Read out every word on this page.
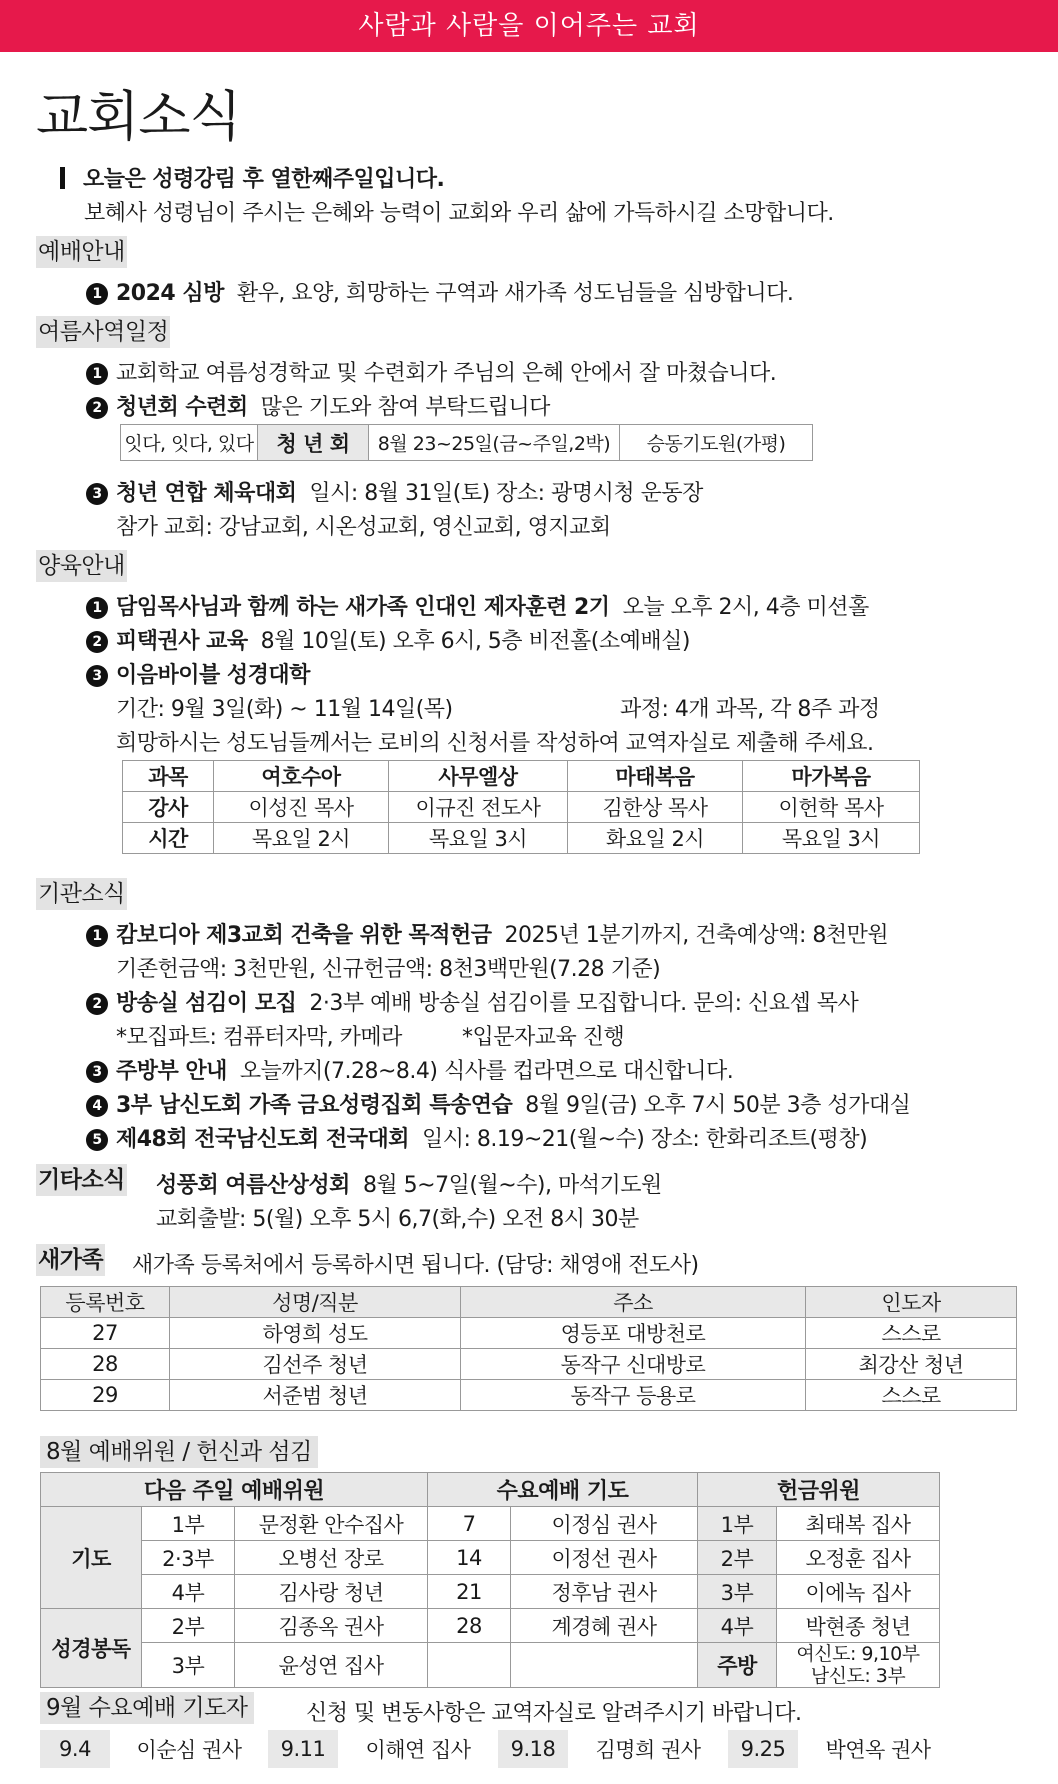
사람과 사람을 이어주는 교회
교회소식
오늘은 성령강림 후 열한째주일입니다.
보혜사 성령님이 주시는 은혜와 능력이 교회와 우리 삶에 가득하시길 소망합니다.
예배안내
1 2024 심방 환우, 요양, 희망하는 구역과 새가족 성도님들을 심방합니다.
여름사역일정
1 교회학교 여름성경학교 및 수련회가 주님의 은혜 안에서 잘 마쳤습니다.
2 청년회 수련회 많은 기도와 참여 부탁드립니다
잇다, 잇다, 있다	청 년 회	8월 23~25일(금~주일,2박)	승동기도원(가평)
3 청년 연합 체육대회 일시: 8월 31일(토) 장소: 광명시청 운동장
참가 교회: 강남교회, 시온성교회, 영신교회, 영지교회
양육안내
1 담임목사님과 함께 하는 새가족 인대인 제자훈련 2기 오늘 오후 2시, 4층 미션홀
2 피택권사 교육 8월 10일(토) 오후 6시, 5층 비전홀(소예배실)
3 이음바이블 성경대학
기간: 9월 3일(화) ~ 11월 14일(목)	과정: 4개 과목, 각 8주 과정
희망하시는 성도님들께서는 로비의 신청서를 작성하여 교역자실로 제출해 주세요.
과목	여호수아	사무엘상	마태복음	마가복음
강사	이성진 목사	이규진 전도사	김한상 목사	이헌학 목사
시간	목요일 2시	목요일 3시	화요일 2시	목요일 3시
기관소식
1 캄보디아 제3교회 건축을 위한 목적헌금 2025년 1분기까지, 건축예상액: 8천만원
기존헌금액: 3천만원, 신규헌금액: 8천3백만원(7.28 기준)
2 방송실 섬김이 모집 2·3부 예배 방송실 섬김이를 모집합니다. 문의: 신요셉 목사
*모집파트: 컴퓨터자막, 카메라	*입문자교육 진행
3 주방부 안내 오늘까지(7.28~8.4) 식사를 컵라면으로 대신합니다.
4 3부 남신도회 가족 금요성령집회 특송연습 8월 9일(금) 오후 7시 50분 3층 성가대실
5 제48회 전국남신도회 전국대회 일시: 8.19~21(월~수) 장소: 한화리조트(평창)
기타소식 성풍회 여름산상성회 8월 5~7일(월~수), 마석기도원
교회출발: 5(월) 오후 5시 6,7(화,수) 오전 8시 30분
새가족 새가족 등록처에서 등록하시면 됩니다. (담당: 채영애 전도사)
등록번호	성명/직분	주소	인도자
27	하영희 성도	영등포 대방천로	스스로
28	김선주 청년	동작구 신대방로	최강산 청년
29	서준범 청년	동작구 등용로	스스로
8월 예배위원 / 헌신과 섬김
다음 주일 예배위원			수요예배 기도		헌금위원	
기도	1부	문정환 안수집사	7	이정심 권사	1부	최태복 집사
	2·3부	오병선 장로	14	이정선 권사	2부	오정훈 집사
	4부	김사랑 청년	21	정후남 권사	3부	이에녹 집사
성경봉독	2부	김종옥 권사	28	계경혜 권사	4부	박현종 청년
	3부	윤성연 집사			주방	여신도: 9,10부
남신도: 3부
9월 수요예배 기도자	신청 및 변동사항은 교역자실로 알려주시기 바랍니다.
9.4	이순심 권사	9.11	이해연 집사	9.18	김명희 권사	9.25	박연옥 권사
